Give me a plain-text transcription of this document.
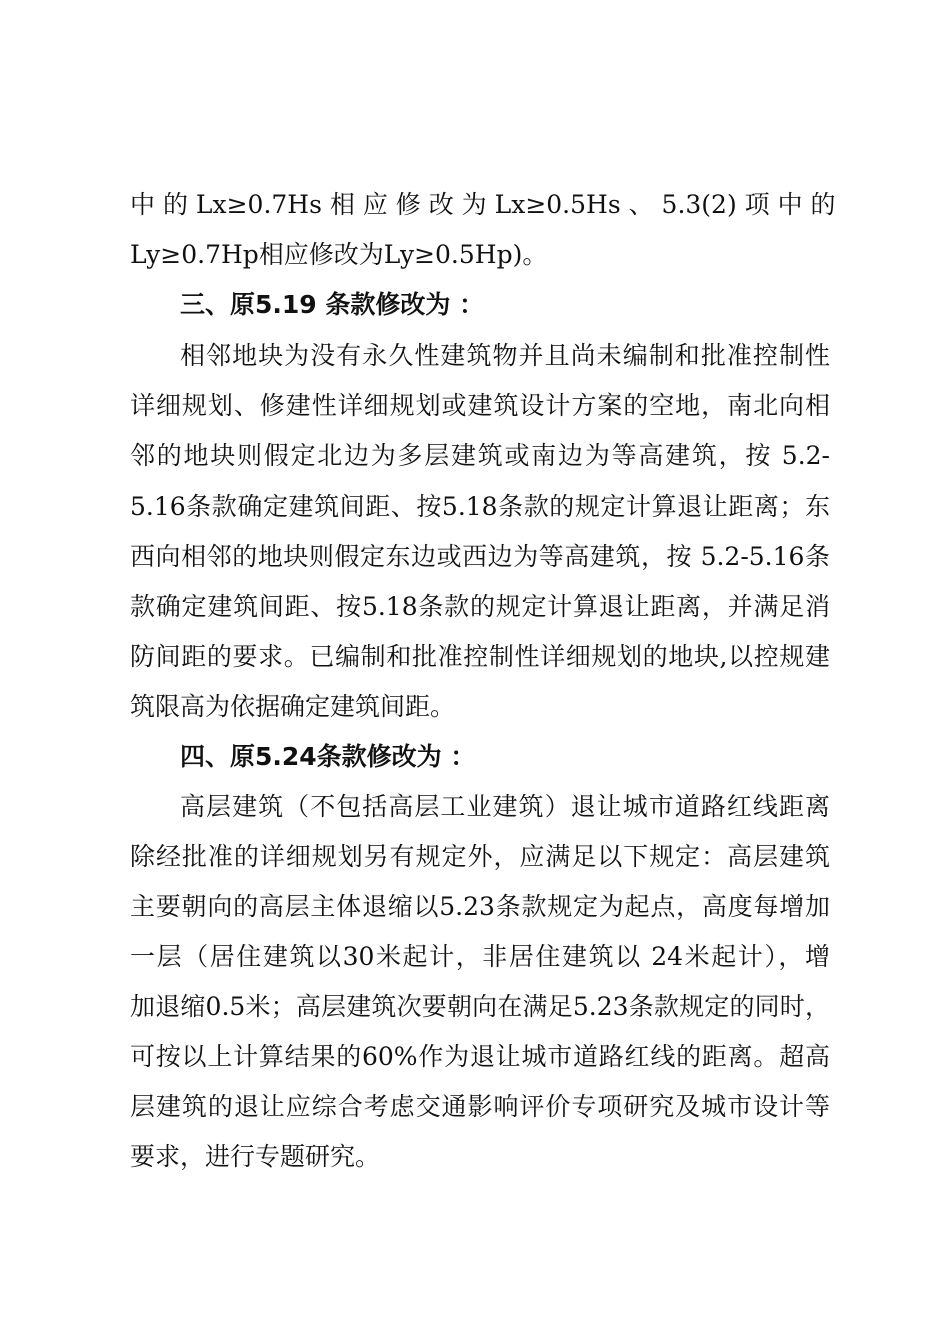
中 的 Lx≥0.7Hs 相 应 修 改 为 Lx≥0.5Hs 、 5.3(2) 项 中 的
Ly≥0.7Hp相应修改为Ly≥0.5Hp)。
三、原5.19 条款修改为 ：
相邻地块为没有永久性建筑物并且尚未编制和批准控制性
详细规划、修建性详细规划或建筑设计方案的空地，南北向相
邻的地块则假定北边为多层建筑或南边为等高建筑，按 5.2-
5.16条款确定建筑间距、按5.18条款的规定计算退让距离；东
西向相邻的地块则假定东边或西边为等高建筑，按 5.2-5.16条
款确定建筑间距、按5.18条款的规定计算退让距离，并满足消
防间距的要求。已编制和批准控制性详细规划的地块,以控规建
筑限高为依据确定建筑间距。
四、原5.24条款修改为 ：
高层建筑（不包括高层工业建筑）退让城市道路红线距离
除经批准的详细规划另有规定外，应满足以下规定：高层建筑
主要朝向的高层主体退缩以5.23条款规定为起点，高度每增加
一层（居住建筑以30米起计，非居住建筑以 24米起计），增
加退缩0.5米；高层建筑次要朝向在满足5.23条款规定的同时，
可按以上计算结果的60%作为退让城市道路红线的距离。超高
层建筑的退让应综合考虑交通影响评价专项研究及城市设计等
要求，进行专题研究。
